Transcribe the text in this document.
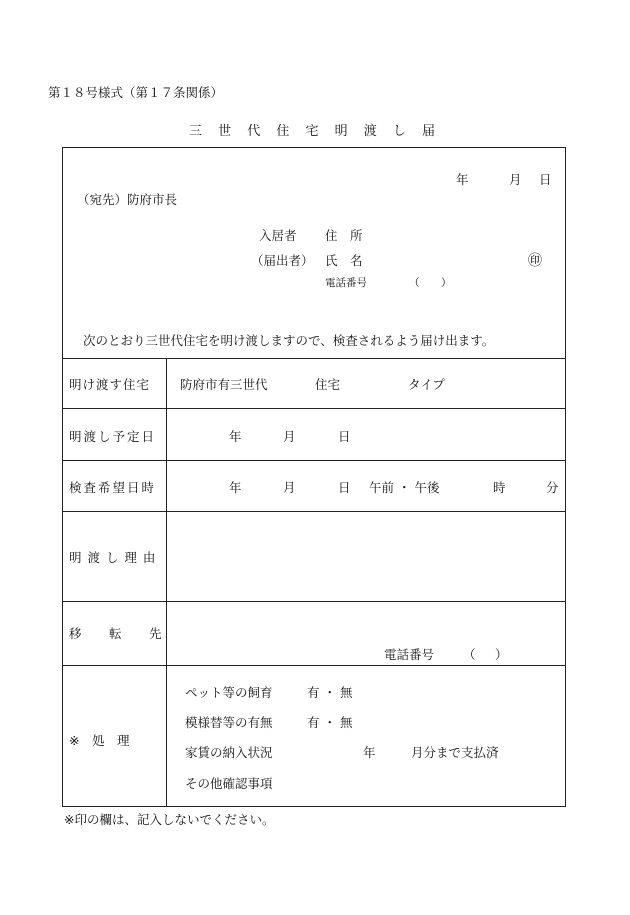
第１８号様式（第１７条関係）
三 世 代 住 宅 明 渡 し 届
年	月 日
（宛先）防府市長
入居者 住　所
（届出者） 氏　名	㊞
電話番号	（ ）
次のとおり三世代住宅を明け渡しますので、検査されるよう届け出ます。
明け渡す住宅 防府市有三世代	住宅	タイプ
明渡し予定日	年	月	日
検査希望日時	年	月	日 午前 ・ 午後	時	分
明 渡 し 理 由
移 転 先
電話番号 （ ）
※　処　理
ペット等の飼育	有 ・ 無
模様替等の有無	有 ・ 無
家賃の納入状況	年	月分まで支払済
その他確認事項
※印の欄は、記入しないでください。
